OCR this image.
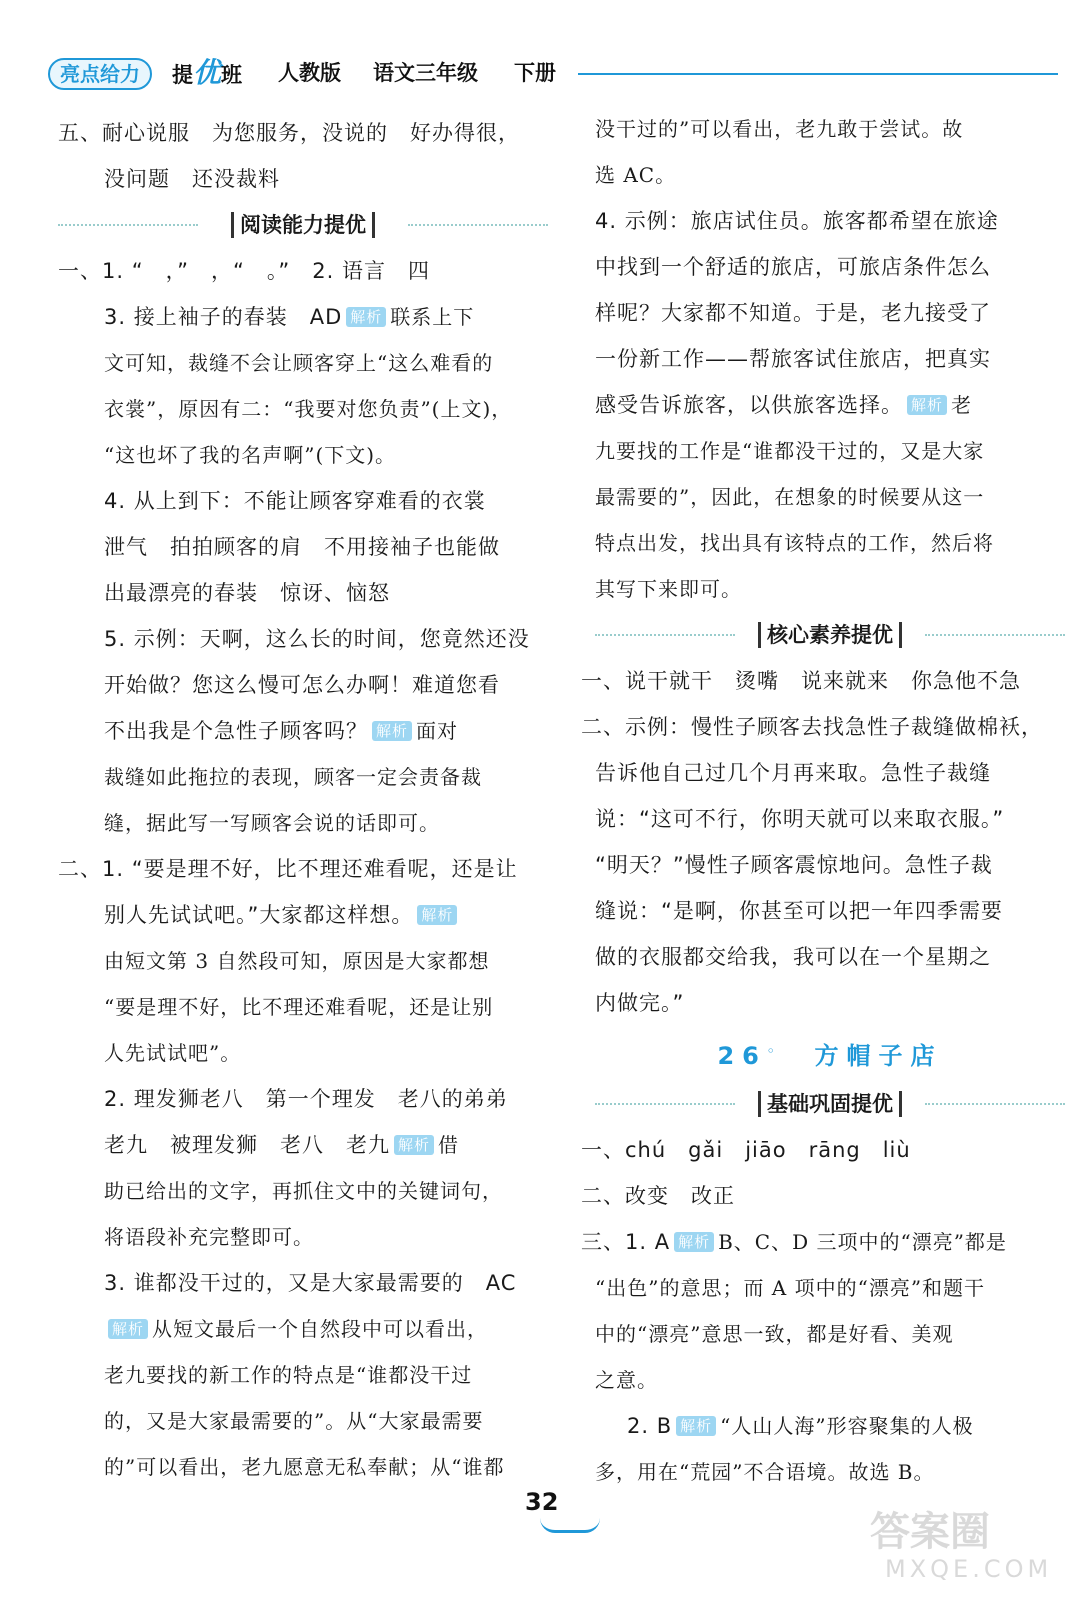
亮点给力	提优班 人教版 语文三年级 下册
五、耐心说服　为您服务，没说的　好办得很，
没问题　还没裁料
阅读能力提优
一、1. “　，”　，“　。”　2. 语言　四
3. 接上袖子的春装　AD 解析 联系上下
文可知，裁缝不会让顾客穿上“这么难看的
衣裳”，原因有二：“我要对您负责”(上文)，
“这也坏了我的名声啊”(下文)。
4. 从上到下：不能让顾客穿难看的衣裳
泄气　拍拍顾客的肩　不用接袖子也能做
出最漂亮的春装　惊讶、恼怒
5. 示例：天啊，这么长的时间，您竟然还没
开始做？您这么慢可怎么办啊！难道您看
不出我是个急性子顾客吗？ 解析 面对
裁缝如此拖拉的表现，顾客一定会责备裁
缝，据此写一写顾客会说的话即可。
二、1. “要是理不好，比不理还难看呢，还是让
别人先试试吧。”大家都这样想。 解析
由短文第 3 自然段可知，原因是大家都想
“要是理不好，比不理还难看呢，还是让别
人先试试吧”。
2. 理发狮老八　第一个理发　老八的弟弟
老九　被理发狮　老八　老九 解析 借
助已给出的文字，再抓住文中的关键词句，
将语段补充完整即可。
3. 谁都没干过的，又是大家最需要的　AC
解析 从短文最后一个自然段中可以看出，
老九要找的新工作的特点是“谁都没干过
的，又是大家最需要的”。从“大家最需要
的”可以看出，老九愿意无私奉献；从“谁都
没干过的”可以看出，老九敢于尝试。故
选 AC。
4. 示例：旅店试住员。旅客都希望在旅途
中找到一个舒适的旅店，可旅店条件怎么
样呢？大家都不知道。于是，老九接受了
一份新工作——帮旅客试住旅店，把真实
感受告诉旅客，以供旅客选择。 解析 老
九要找的工作是“谁都没干过的，又是大家
最需要的”，因此，在想象的时候要从这一
特点出发，找出具有该特点的工作，然后将
其写下来即可。
核心素养提优
一、说干就干　烫嘴　说来就来　你急他不急
二、示例：慢性子顾客去找急性子裁缝做棉袄，
告诉他自己过几个月再来取。急性子裁缝
说：“这可不行，你明天就可以来取衣服。”
“明天？”慢性子顾客震惊地问。急性子裁
缝说：“是啊，你甚至可以把一年四季需要
做的衣服都交给我，我可以在一个星期之
内做完。”
26◦　 方帽子店
基础巩固提优
一、chú　gǎi　jiāo　rāng　liù
二、改变　改正
三、1. A 解析 B、C、D 三项中的“漂亮”都是
“出色”的意思；而 A 项中的“漂亮”和题干
中的“漂亮”意思一致，都是好看、美观
之意。
2. B 解析 “人山人海”形容聚集的人极
多，用在“荒园”不合语境。故选 B。
32
答案圈
MXQE.COM
